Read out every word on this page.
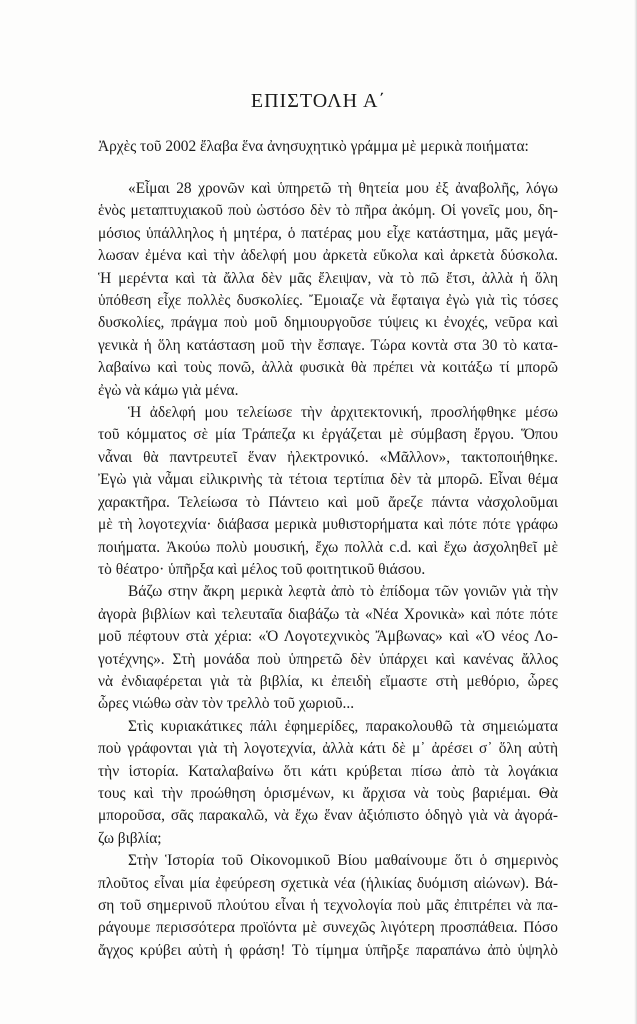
ΕΠΙΣΤΟΛΗ Α΄
Ἀρχὲς τοῦ 2002 ἔλαβα ἕνα ἀνησυχητικὸ γράμμα μὲ μερικὰ ποιήματα:
«Εἶμαι 28 χρονῶν καὶ ὑπηρετῶ τὴ θητεία μου ἐξ ἀναβολῆς, λόγω
ἑνὸς μεταπτυχιακοῦ ποὺ ὡστόσο δὲν τὸ πῆρα ἀκόμη. Οἱ γονεῖς μου, δη-
μόσιος ὑπάλληλος ἡ μητέρα, ὁ πατέρας μου εἶχε κατάστημα, μᾶς μεγά-
λωσαν ἐμένα καὶ τὴν ἀδελφή μου ἀρκετὰ εὔκολα καὶ ἀρκετὰ δύσκολα.
Ἡ μερέντα καὶ τὰ ἄλλα δὲν μᾶς ἔλειψαν, νὰ τὸ πῶ ἔτσι, ἀλλὰ ἡ ὅλη
ὑπόθεση εἶχε πολλὲς δυσκολίες. Ἔμοιαζε νὰ ἔφταιγα ἐγὼ γιὰ τὶς τόσες
δυσκολίες, πράγμα ποὺ μοῦ δημιουργοῦσε τύψεις κι ἐνοχές, νεῦρα καὶ
γενικὰ ἡ ὅλη κατάσταση μοῦ τὴν ἔσπαγε. Τώρα κοντὰ στα 30 τὸ κατα-
λαβαίνω καὶ τοὺς πονῶ, ἀλλὰ φυσικὰ θὰ πρέπει νὰ κοιτάξω τί μπορῶ
ἐγὼ νὰ κάμω γιὰ μένα.
Ἡ ἀδελφή μου τελείωσε τὴν ἀρχιτεκτονική, προσλήφθηκε μέσω
τοῦ κόμματος σὲ μία Τράπεζα κι ἐργάζεται μὲ σύμβαση ἔργου. Ὅπου
νἆναι θὰ παντρευτεῖ ἕναν ἠλεκτρονικό. «Μᾶλλον», τακτοποιήθηκε.
Ἐγὼ γιὰ νἆμαι εἰλικρινὴς τὰ τέτοια τερτίπια δὲν τὰ μπορῶ. Εἶναι θέμα
χαρακτῆρα. Τελείωσα τὸ Πάντειο καὶ μοῦ ἄρεζε πάντα νἀσχολοῦμαι
μὲ τὴ λογοτεχνία· διάβασα μερικὰ μυθιστορήματα καὶ πότε πότε γράφω
ποιήματα. Ἀκούω πολὺ μουσική, ἔχω πολλὰ c.d. καὶ ἔχω ἀσχοληθεῖ μὲ
τὸ θέατρο· ὑπῆρξα καὶ μέλος τοῦ φοιτητικοῦ θιάσου.
Βάζω στην ἄκρη μερικὰ λεφτὰ ἀπὸ τὸ ἐπίδομα τῶν γονιῶν γιὰ τὴν
ἀγορὰ βιβλίων καὶ τελευταῖα διαβάζω τὰ «Νέα Χρονικὰ» καὶ πότε πότε
μοῦ πέφτουν στὰ χέρια: «Ὁ Λογοτεχνικὸς Ἄμβωνας» καὶ «Ὁ νέος Λο-
γοτέχνης». Στὴ μονάδα ποὺ ὑπηρετῶ δὲν ὑπάρχει καὶ κανένας ἄλλος
νὰ ἐνδιαφέρεται γιὰ τὰ βιβλία, κι ἐπειδὴ εἴμαστε στὴ μεθόριο, ὧρες
ὧρες νιώθω σὰν τὸν τρελλὸ τοῦ χωριοῦ...
Στὶς κυριακάτικες πάλι ἐφημερίδες, παρακολουθῶ τὰ σημειώματα
ποὺ γράφονται γιὰ τὴ λογοτεχνία, ἀλλὰ κάτι δὲ μ᾽ ἀρέσει σ᾽ ὅλη αὐτὴ
τὴν ἱστορία. Καταλαβαίνω ὅτι κάτι κρύβεται πίσω ἀπὸ τὰ λογάκια
τους καὶ τὴν προώθηση ὁρισμένων, κι ἄρχισα νὰ τοὺς βαριέμαι. Θὰ
μποροῦσα, σᾶς παρακαλῶ, νὰ ἔχω ἕναν ἀξιόπιστο ὁδηγὸ γιὰ νὰ ἀγορά-
ζω βιβλία;
Στὴν Ἱστορία τοῦ Οἰκονομικοῦ Βίου μαθαίνουμε ὅτι ὁ σημερινὸς
πλοῦτος εἶναι μία ἐφεύρεση σχετικὰ νέα (ἡλικίας δυόμιση αἰώνων). Βά-
ση τοῦ σημερινοῦ πλούτου εἶναι ἡ τεχνολογία ποὺ μᾶς ἐπιτρέπει νὰ πα-
ράγουμε περισσότερα προϊόντα μὲ συνεχῶς λιγότερη προσπάθεια. Πόσο
ἄγχος κρύβει αὐτὴ ἡ φράση! Τὸ τίμημα ὑπῆρξε παραπάνω ἀπὸ ὑψηλὸ
